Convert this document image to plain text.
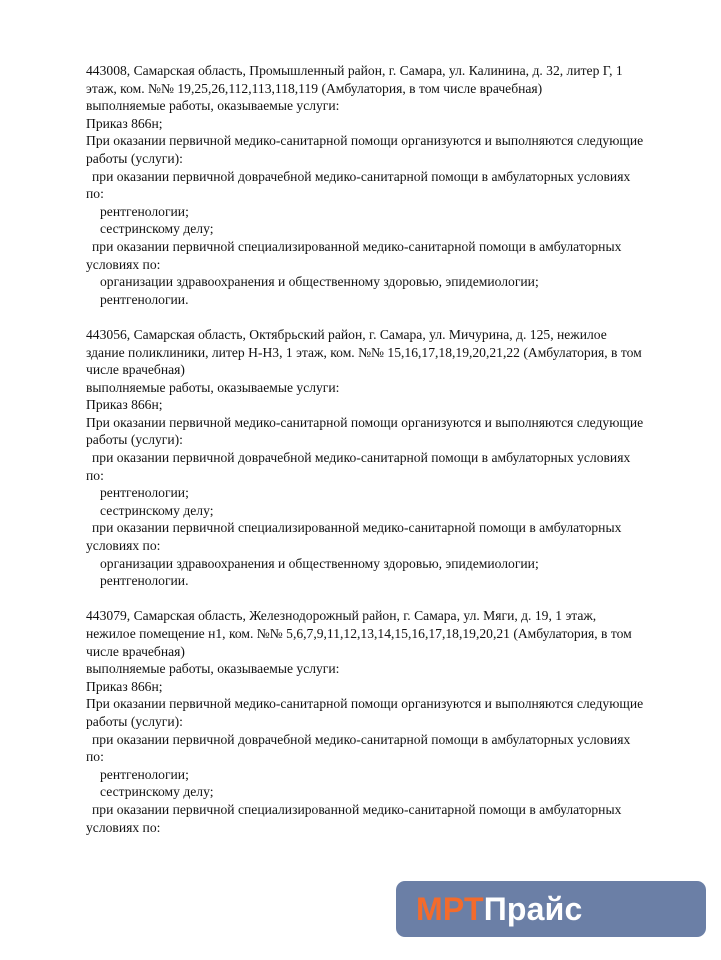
443008, Самарская область, Промышленный район, г. Самара, ул. Калинина, д. 32, литер Г, 1
этаж, ком. №№ 19,25,26,112,113,118,119 (Амбулатория, в том числе врачебная)
выполняемые работы, оказываемые услуги:
Приказ 866н;
При оказании первичной медико-санитарной помощи организуются и выполняются следующие
работы (услуги):
при оказании первичной доврачебной медико-санитарной помощи в амбулаторных условиях
по:
рентгенологии;
сестринскому делу;
при оказании первичной специализированной медико-санитарной помощи в амбулаторных
условиях по:
организации здравоохранения и общественному здоровью, эпидемиологии;
рентгенологии.
443056, Самарская область, Октябрьский район, г. Самара, ул. Мичурина, д. 125, нежилое
здание поликлиники, литер Н-Н3, 1 этаж, ком. №№ 15,16,17,18,19,20,21,22 (Амбулатория, в том
числе врачебная)
выполняемые работы, оказываемые услуги:
Приказ 866н;
При оказании первичной медико-санитарной помощи организуются и выполняются следующие
работы (услуги):
при оказании первичной доврачебной медико-санитарной помощи в амбулаторных условиях
по:
рентгенологии;
сестринскому делу;
при оказании первичной специализированной медико-санитарной помощи в амбулаторных
условиях по:
организации здравоохранения и общественному здоровью, эпидемиологии;
рентгенологии.
443079, Самарская область, Железнодорожный район, г. Самара, ул. Мяги, д. 19, 1 этаж,
нежилое помещение н1, ком. №№ 5,6,7,9,11,12,13,14,15,16,17,18,19,20,21 (Амбулатория, в том
числе врачебная)
выполняемые работы, оказываемые услуги:
Приказ 866н;
При оказании первичной медико-санитарной помощи организуются и выполняются следующие
работы (услуги):
при оказании первичной доврачебной медико-санитарной помощи в амбулаторных условиях
по:
рентгенологии;
сестринскому делу;
при оказании первичной специализированной медико-санитарной помощи в амбулаторных
условиях по:
МРТ Прайс
